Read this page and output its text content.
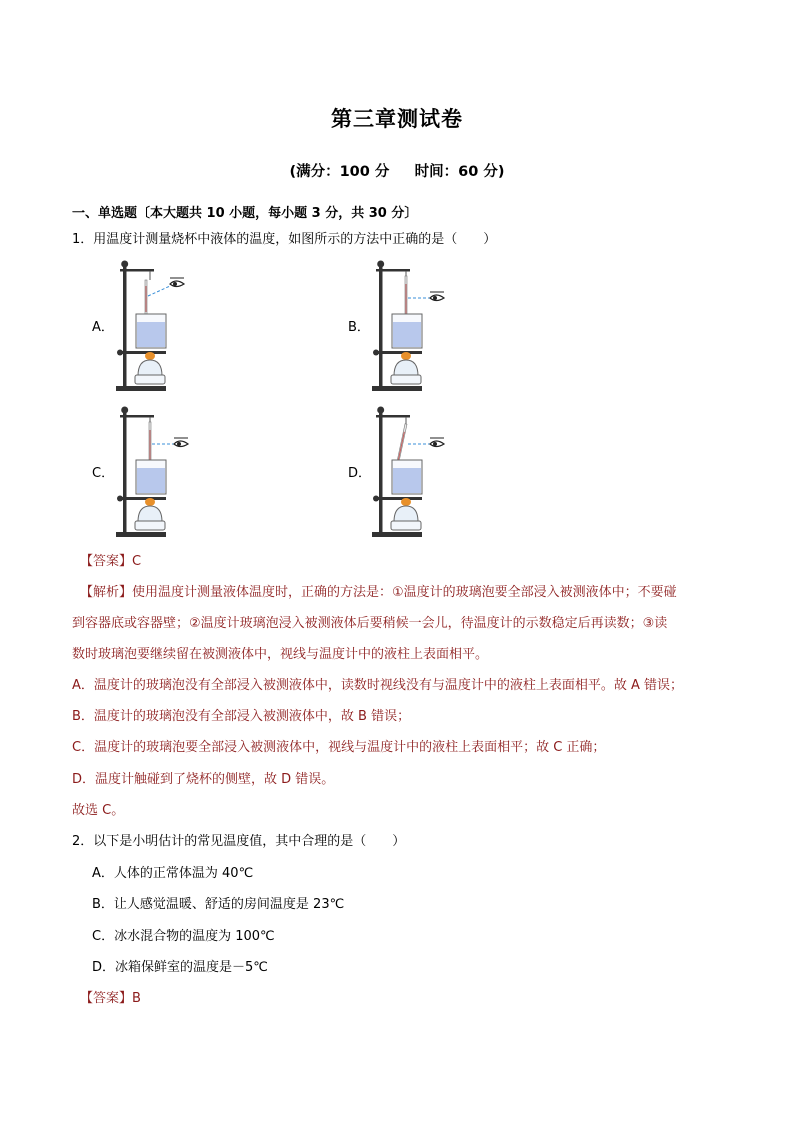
第三章测试卷
(满分：100 分     时间：60 分)
一、单选题〔本大题共 10 小题，每小题 3 分，共 30 分〕
1．用温度计测量烧杯中液体的温度，如图所示的方法中正确的是（　　）
A．	B．
C．	D．
【答案】C
【解析】使用温度计测量液体温度时，正确的方法是：①温度计的玻璃泡要全部浸入被测液体中；不要碰
到容器底或容器壁；②温度计玻璃泡浸入被测液体后要稍候一会儿，待温度计的示数稳定后再读数；③读
数时玻璃泡要继续留在被测液体中，视线与温度计中的液柱上表面相平。
A．温度计的玻璃泡没有全部浸入被测液体中，读数时视线没有与温度计中的液柱上表面相平。故 A 错误；
B．温度计的玻璃泡没有全部浸入被测液体中，故 B 错误；
C．温度计的玻璃泡要全部浸入被测液体中，视线与温度计中的液柱上表面相平；故 C 正确；
D．温度计触碰到了烧杯的侧壁，故 D 错误。
故选 C。
2．以下是小明估计的常见温度值，其中合理的是（　　）
A．人体的正常体温为 40℃
B．让人感觉温暖、舒适的房间温度是 23℃
C．冰水混合物的温度为 100℃
D．冰箱保鲜室的温度是－5℃
【答案】B
